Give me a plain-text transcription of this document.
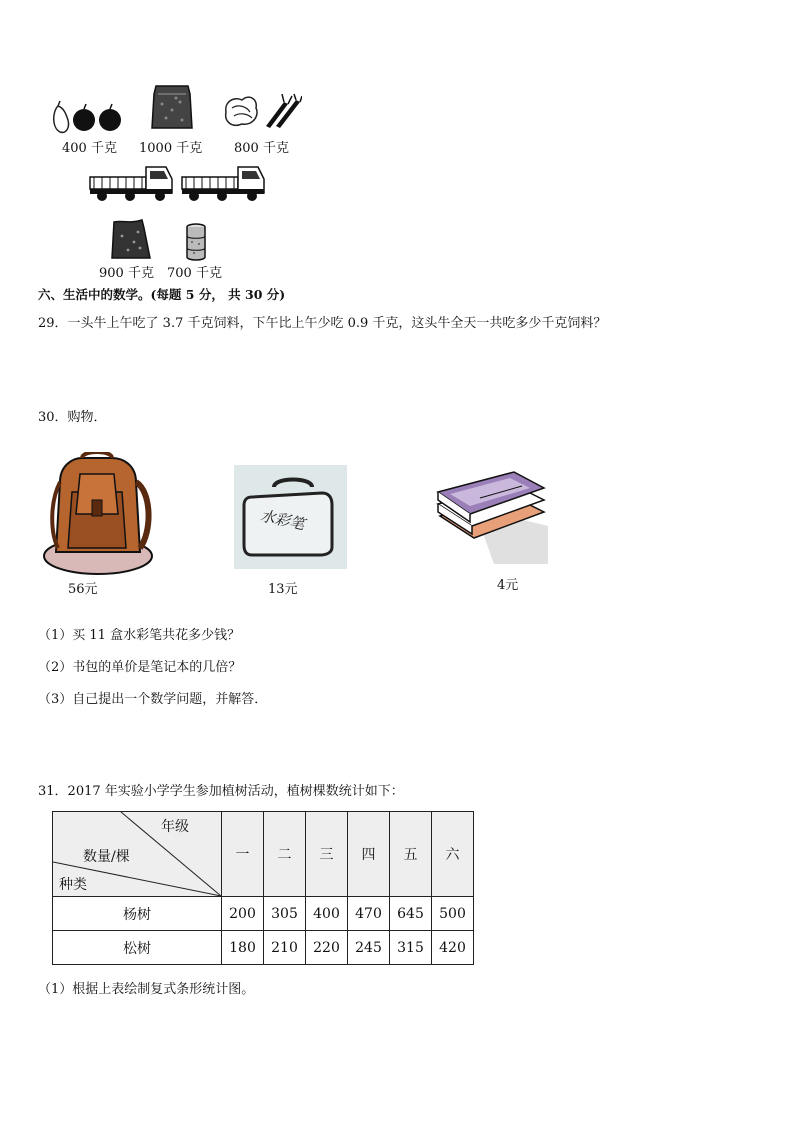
400 千克 1000 千克 800 千克
900 千克 700 千克
六、生活中的数学。(每题 5 分， 共 30 分)
29．一头牛上午吃了 3.7 千克饲料，下午比上午少吃 0.9 千克，这头牛全天一共吃多少千克饲料？
30．购物．
56元
水彩笔
13元	4元
（1）买 11 盒水彩笔共花多少钱？
（2）书包的单价是笔记本的几倍？
（3）自己提出一个数学问题，并解答．
31．2017 年实验小学学生参加植树活动，植树棵数统计如下：
年级
数量/棵
种类	一	二	三	四	五	六
杨树	200	305	400	470	645	500
松树	180	210	220	245	315	420
（1）根据上表绘制复式条形统计图。
